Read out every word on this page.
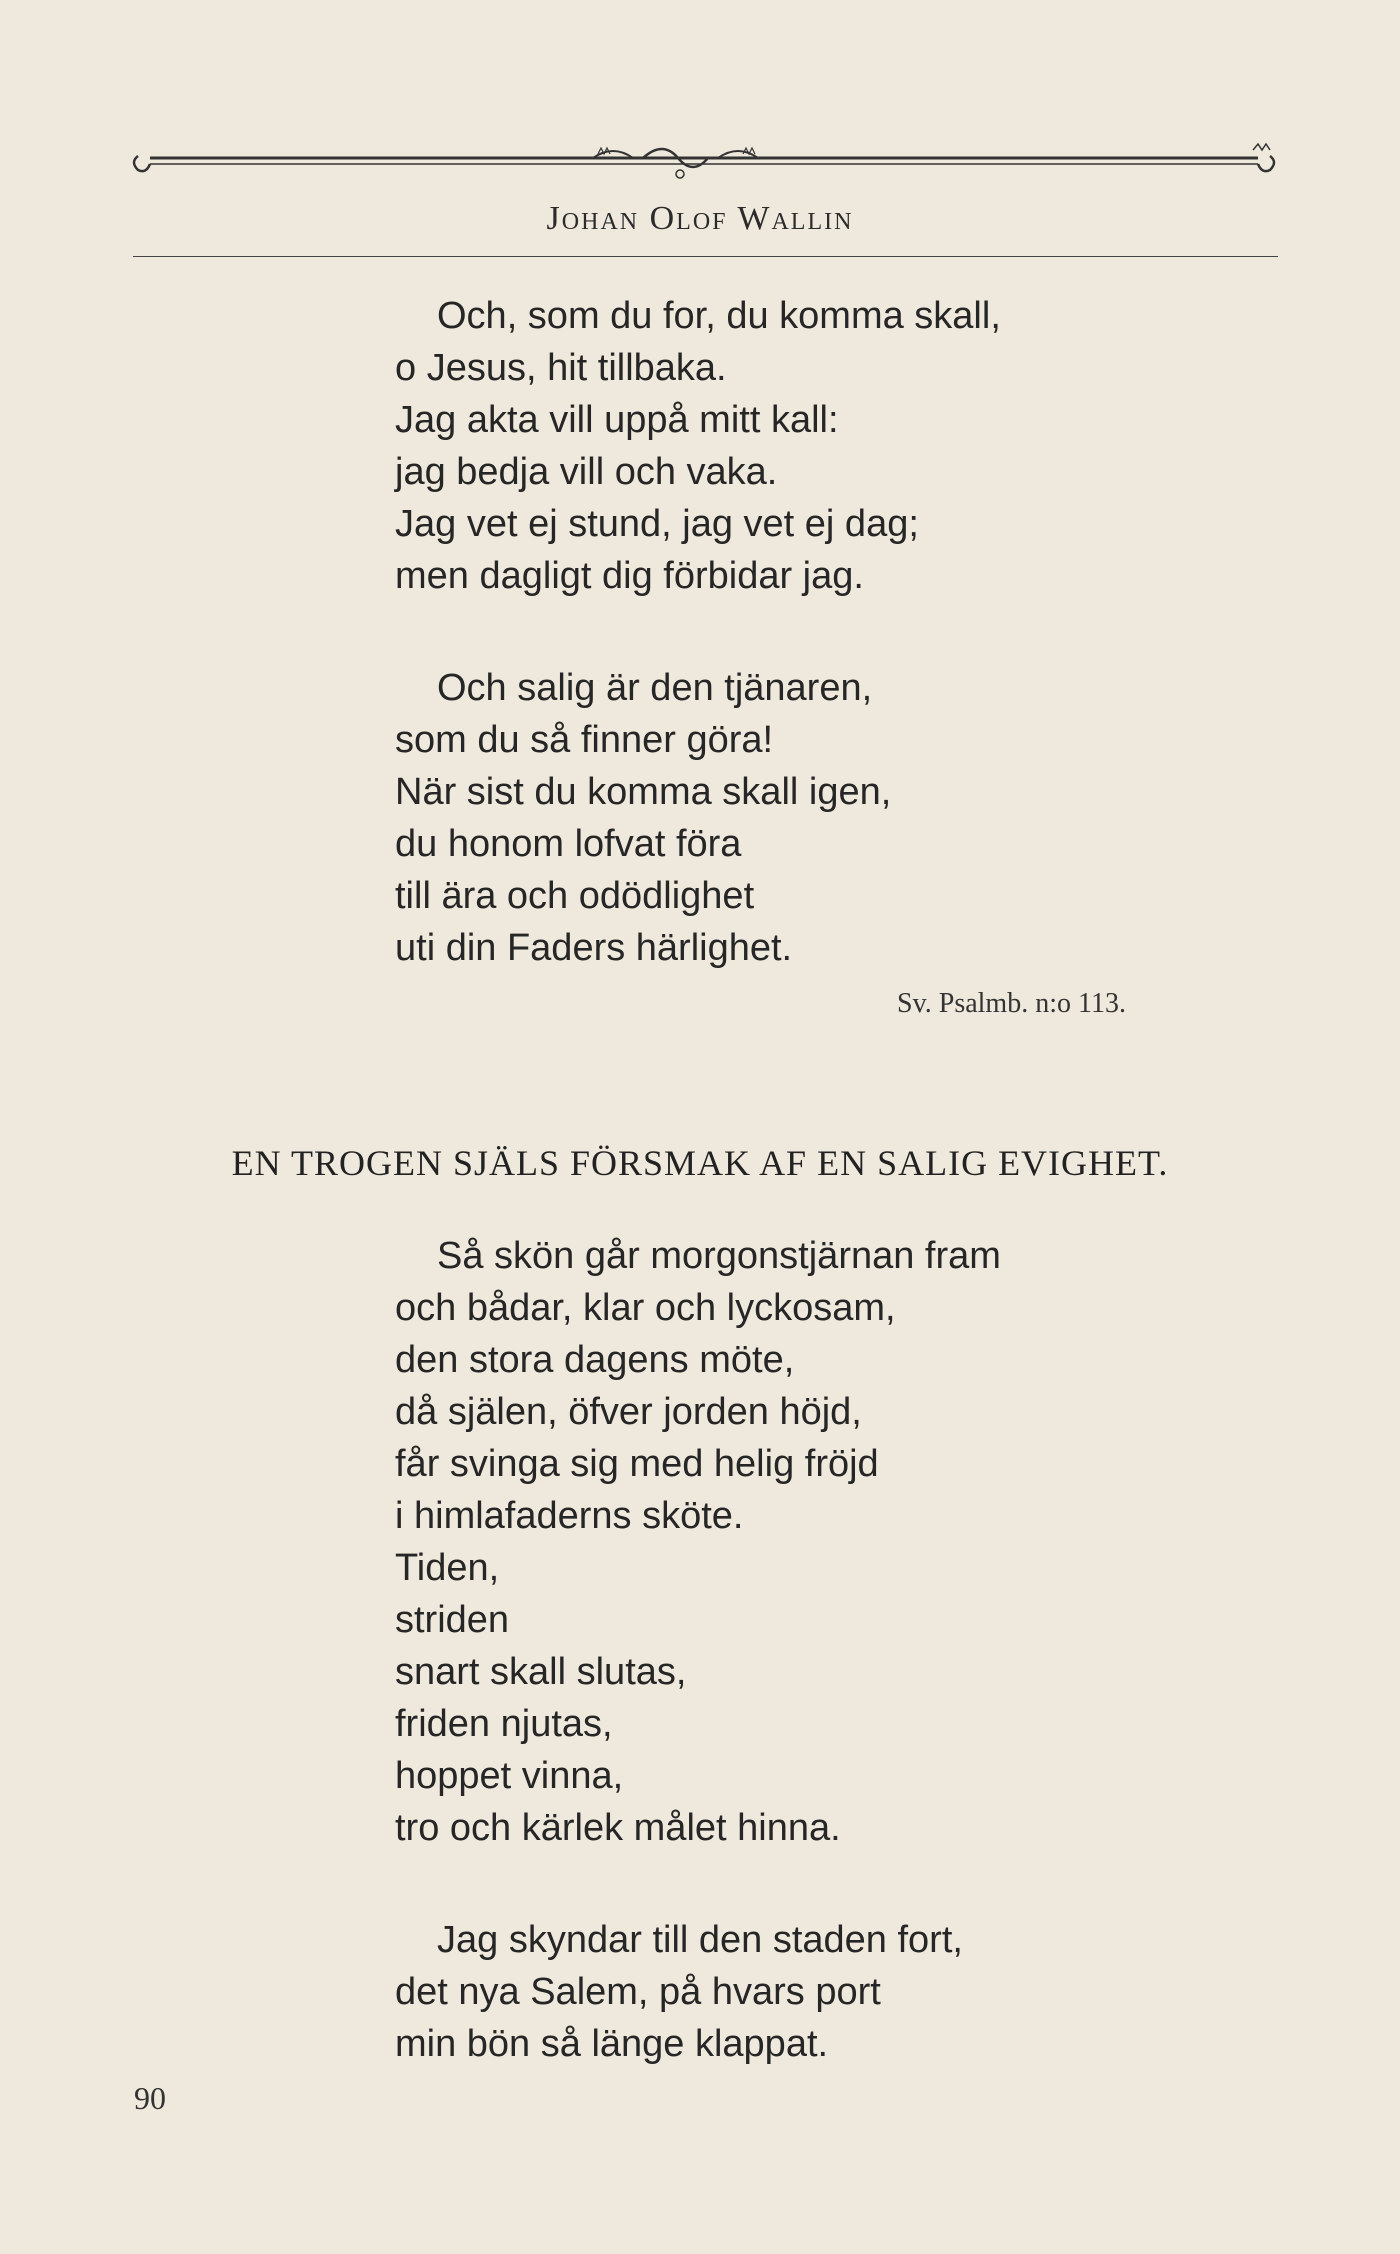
Johan Olof Wallin
Och, som du for, du komma skall,
o Jesus, hit tillbaka.
Jag akta vill uppå mitt kall:
jag bedja vill och vaka.
Jag vet ej stund, jag vet ej dag;
men dagligt dig förbidar jag.
Och salig är den tjänaren,
som du så finner göra!
När sist du komma skall igen,
du honom lofvat föra
till ära och odödlighet
uti din Faders härlighet.
Sv. Psalmb. n:o 113.
EN TROGEN SJÄLS FÖRSMAK AF EN SALIG EVIGHET.
Så skön går morgonstjärnan fram
och bådar, klar och lyckosam,
den stora dagens möte,
då själen, öfver jorden höjd,
får svinga sig med helig fröjd
i himlafaderns sköte.
Tiden,
striden
snart skall slutas,
friden njutas,
hoppet vinna,
tro och kärlek målet hinna.
Jag skyndar till den staden fort,
det nya Salem, på hvars port
min bön så länge klappat.
90
